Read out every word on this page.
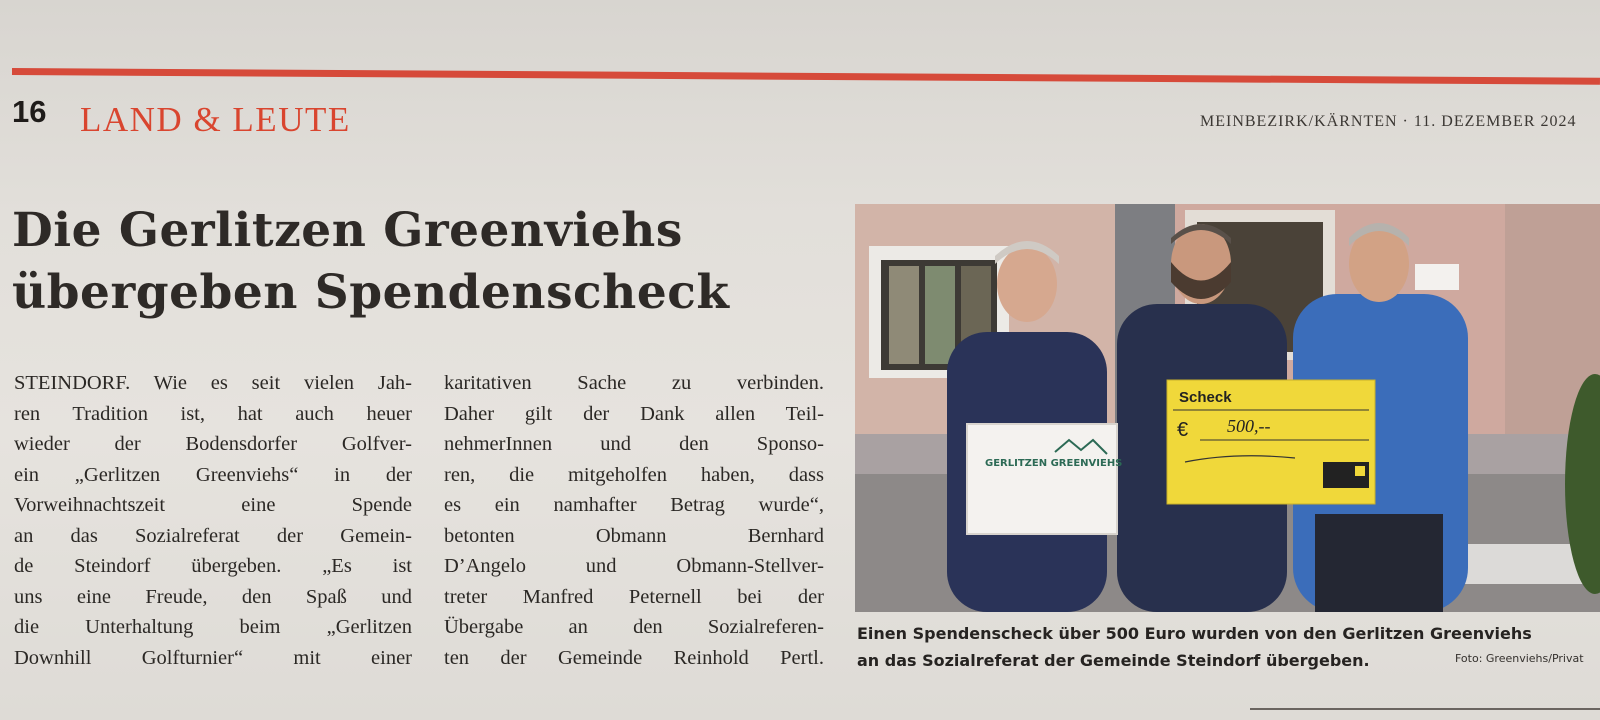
16 LAND & LEUTE	MEINBEZIRK/KÄRNTEN · 11. DEZEMBER 2024
Die Gerlitzen Greenviehs
übergeben Spendenscheck
STEINDORF. Wie es seit vielen Jah-
ren Tradition ist, hat auch heuer
wieder der Bodensdorfer Golfver-
ein „Gerlitzen Greenviehs“ in der
Vorweihnachtszeit eine Spende
an das Sozialreferat der Gemein-
de Steindorf übergeben. „Es ist
uns eine Freude, den Spaß und
die Unterhaltung beim „Gerlitzen
Downhill Golfturnier“ mit einer
karitativen Sache zu verbinden.
Daher gilt der Dank allen Teil-
nehmerInnen und den Sponso-
ren, die mitgeholfen haben, dass
es ein namhafter Betrag wurde“,
betonten Obmann Bernhard
D’Angelo und Obmann-Stellver-
treter Manfred Peternell bei der
Übergabe an den Sozialreferen-
ten der Gemeinde Reinhold Pertl.
GERLITZEN GREENVIEHS
Scheck
€ 500,--
Einen Spendenscheck über 500 Euro wurden von den Gerlitzen Greenviehs
an das Sozialreferat der Gemeinde Steindorf übergeben.	Foto: Greenviehs/Privat
